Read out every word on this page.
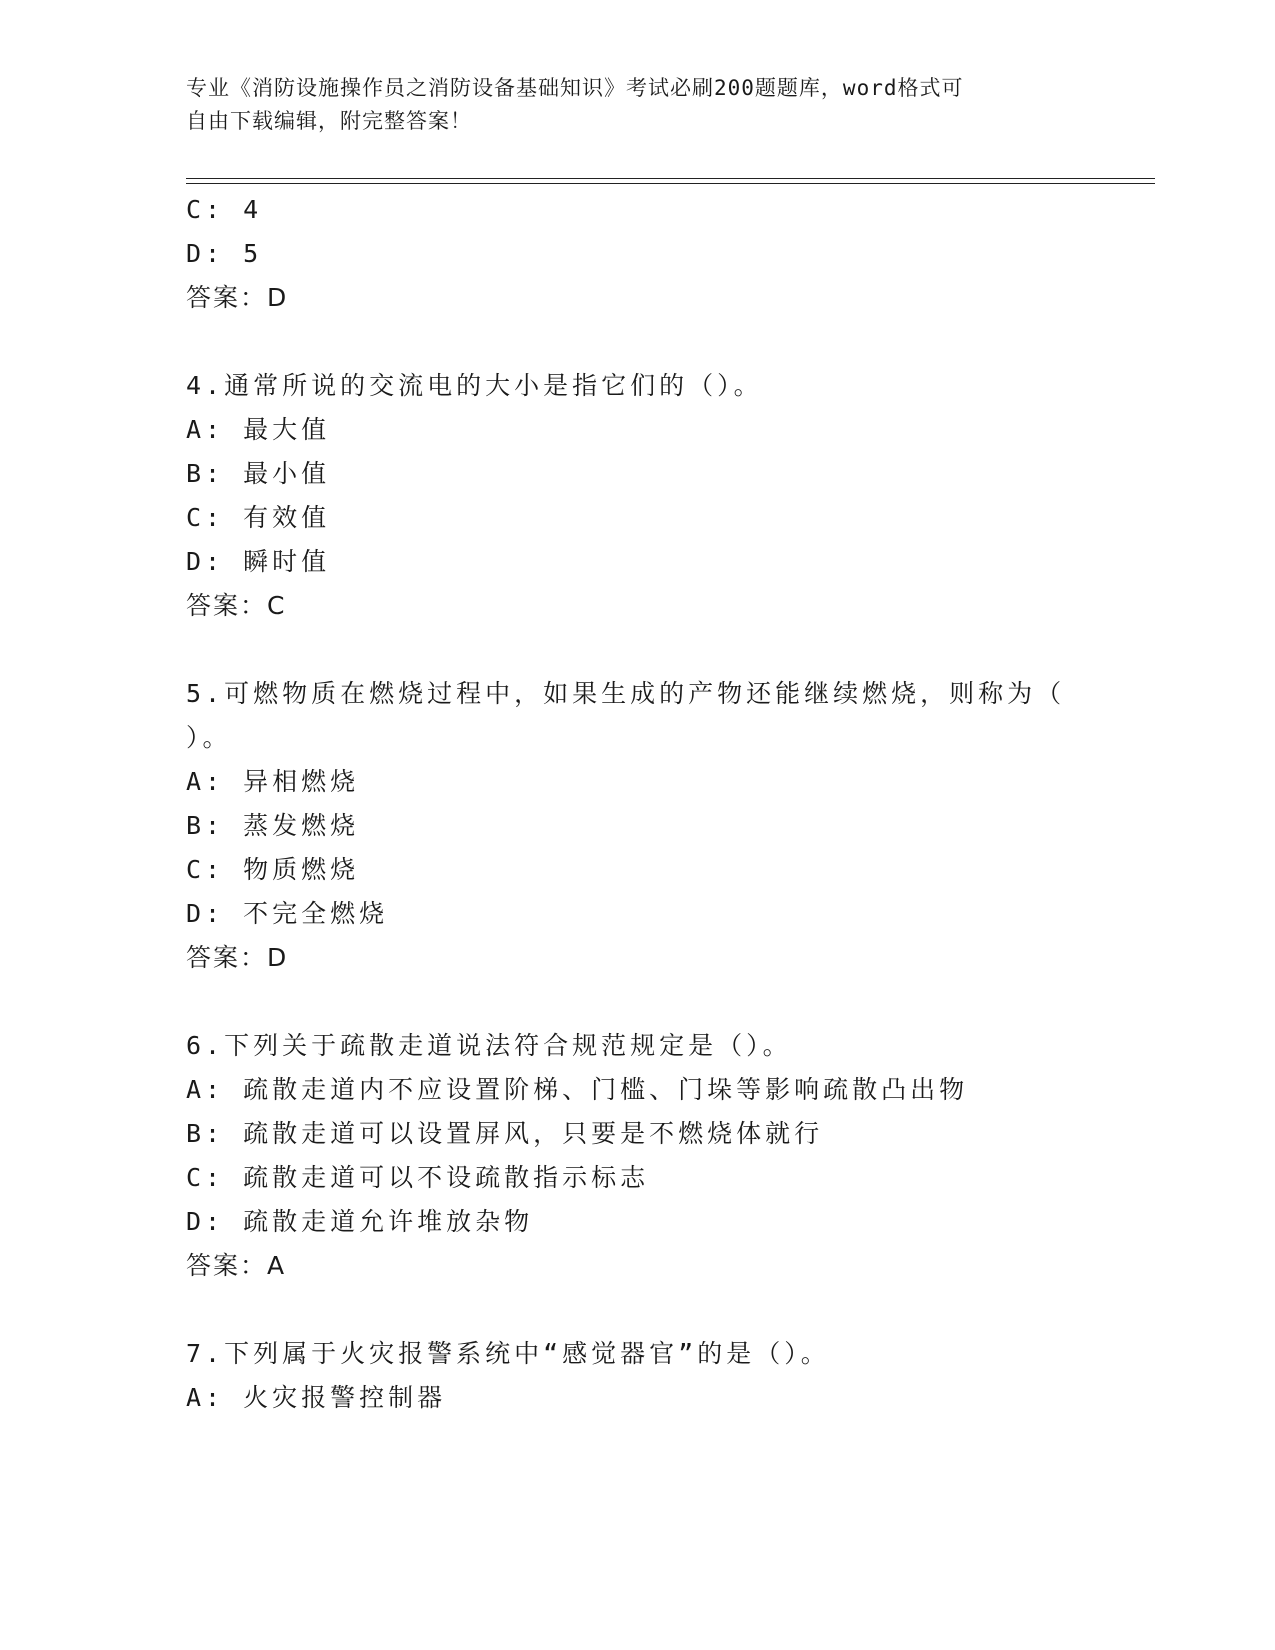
专业《消防设施操作员之消防设备基础知识》考试必刷200题题库，word格式可

自由下载编辑，附完整答案！

C: 4
D: 5
答案：D
4.通常所说的交流电的大小是指它们的（）。
A: 最大值
B: 最小值
C: 有效值
D: 瞬时值
答案：C
5.可燃物质在燃烧过程中，如果生成的产物还能继续燃烧，则称为（
）。
A: 异相燃烧
B: 蒸发燃烧
C: 物质燃烧
D: 不完全燃烧
答案：D
6.下列关于疏散走道说法符合规范规定是（）。
A: 疏散走道内不应设置阶梯、门槛、门垛等影响疏散凸出物
B: 疏散走道可以设置屏风，只要是不燃烧体就行
C: 疏散走道可以不设疏散指示标志
D: 疏散走道允许堆放杂物
答案：A
7.下列属于火灾报警系统中“感觉器官”的是（）。
A: 火灾报警控制器
